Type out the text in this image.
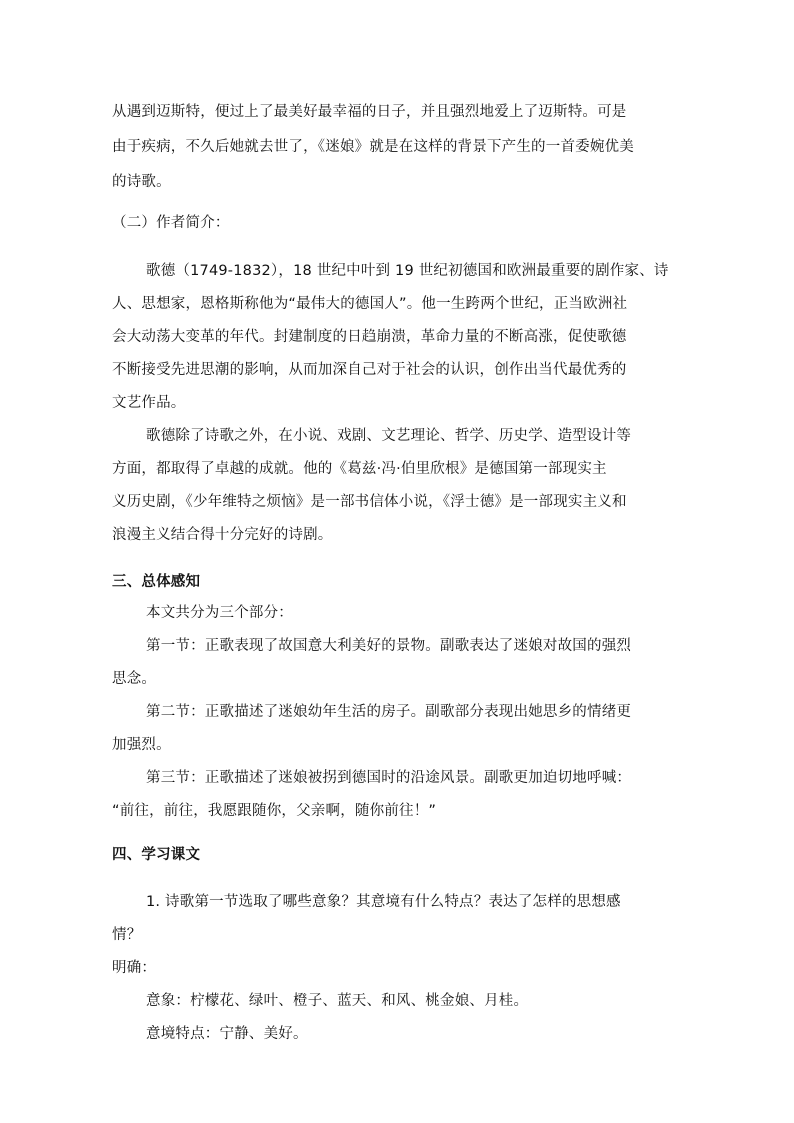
从遇到迈斯特，便过上了最美好最幸福的日子，并且强烈地爱上了迈斯特。可是
由于疾病，不久后她就去世了，《迷娘》就是在这样的背景下产生的一首委婉优美
的诗歌。
（二）作者简介：
歌德（1749-1832），18 世纪中叶到 19 世纪初德国和欧洲最重要的剧作家、诗
人、思想家，恩格斯称他为“最伟大的德国人”。他一生跨两个世纪，正当欧洲社
会大动荡大变革的年代。封建制度的日趋崩溃，革命力量的不断高涨，促使歌德
不断接受先进思潮的影响，从而加深自己对于社会的认识，创作出当代最优秀的
文艺作品。
歌德除了诗歌之外，在小说、戏剧、文艺理论、哲学、历史学、造型设计等
方面，都取得了卓越的成就。他的《葛兹·冯·伯里欣根》是德国第一部现实主
义历史剧，《少年维特之烦恼》是一部书信体小说，《浮士德》是一部现实主义和
浪漫主义结合得十分完好的诗剧。
三、总体感知
本文共分为三个部分：
第一节：正歌表现了故国意大利美好的景物。副歌表达了迷娘对故国的强烈
思念。
第二节：正歌描述了迷娘幼年生活的房子。副歌部分表现出她思乡的情绪更
加强烈。
第三节：正歌描述了迷娘被拐到德国时的沿途风景。副歌更加迫切地呼喊：
“前往，前往，我愿跟随你，父亲啊，随你前往！”
四、学习课文
1. 诗歌第一节选取了哪些意象？其意境有什么特点？表达了怎样的思想感
情？
明确：
意象：柠檬花、绿叶、橙子、蓝天、和风、桃金娘、月桂。
意境特点：宁静、美好。
